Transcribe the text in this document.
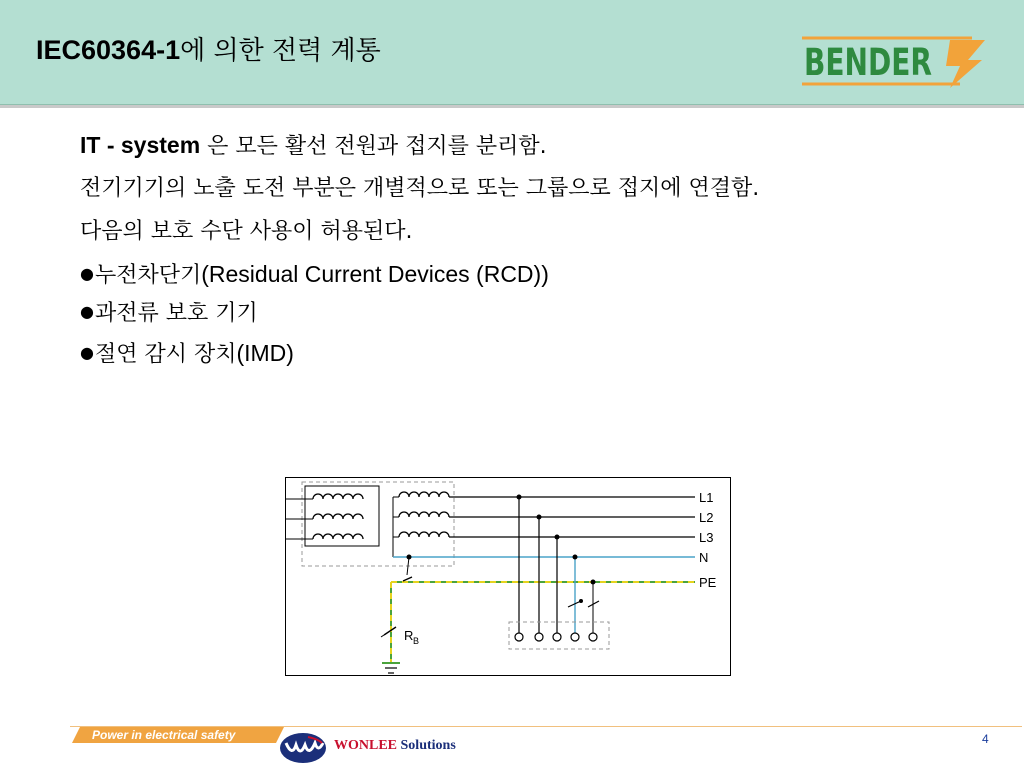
IEC60364-1에 의한 전력 계통	BENDER

IT - system 은 모든 활선 전원과 접지를 분리함.

전기기기의 노출 도전 부분은 개별적으로 또는 그룹으로 접지에 연결함.

다음의 보호 수단 사용이 허용된다.

●누전차단기(Residual Current Devices (RCD))

●과전류 보호 기기

●절연 감시 장치(IMD)

R B
L1
L2
L3
N
PE
Power in electrical safety
WONLEE Solutions	4
